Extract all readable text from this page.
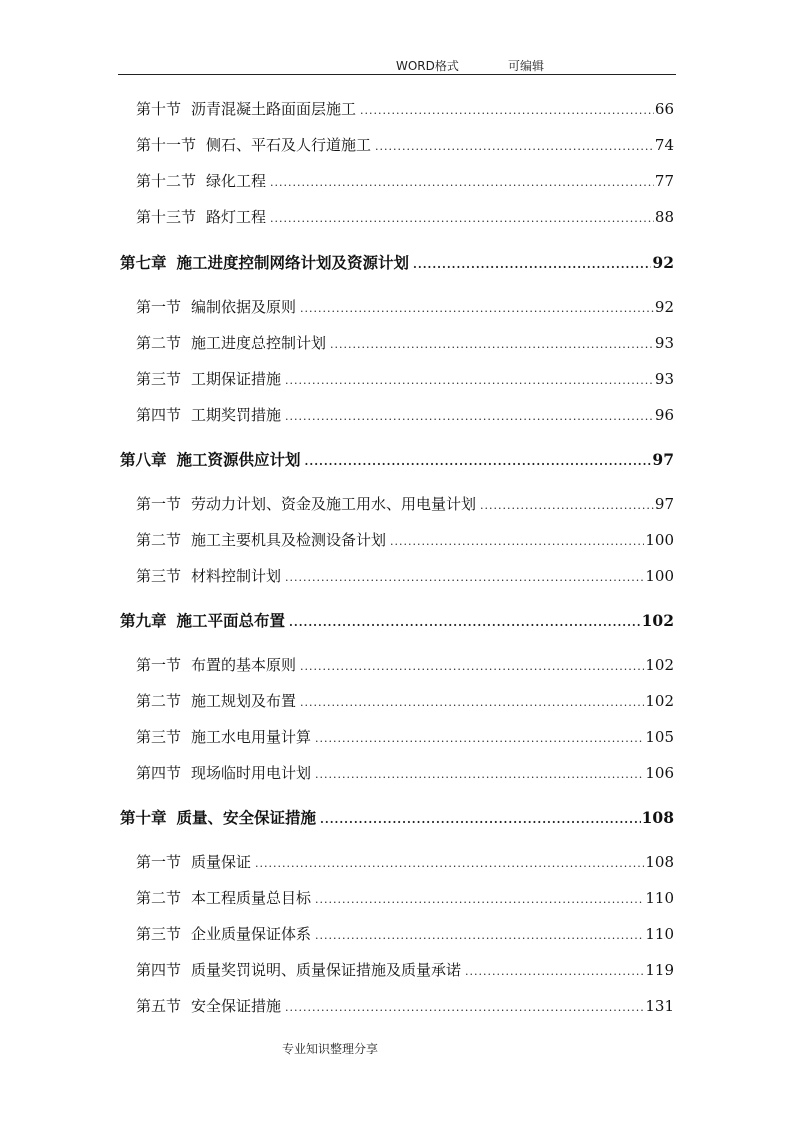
WORD格式	可编辑
第十节 沥青混凝土路面面层施工 .....	66
第十一节 侧石、平石及人行道施工 .....	74
第十二节 绿化工程 .....	77
第十三节 路灯工程 .....	88
第七章 施工进度控制网络计划及资源计划 .....	92
第一节 编制依据及原则 .....	92
第二节 施工进度总控制计划 .....	93
第三节 工期保证措施 .....	93
第四节 工期奖罚措施 .....	96
第八章 施工资源供应计划 .....	97
第一节 劳动力计划、资金及施工用水、用电量计划 .....	97
第二节 施工主要机具及检测设备计划 .....	100
第三节 材料控制计划 .....	100
第九章 施工平面总布置 .....	102
第一节 布置的基本原则 .....	102
第二节 施工规划及布置 .....	102
第三节 施工水电用量计算 .....	105
第四节 现场临时用电计划 .....	106
第十章 质量、安全保证措施 .....	108
第一节 质量保证 .....	108
第二节 本工程质量总目标 .....	110
第三节 企业质量保证体系 .....	110
第四节 质量奖罚说明、质量保证措施及质量承诺 .....	119
第五节 安全保证措施 .....	131
专业知识整理分享
